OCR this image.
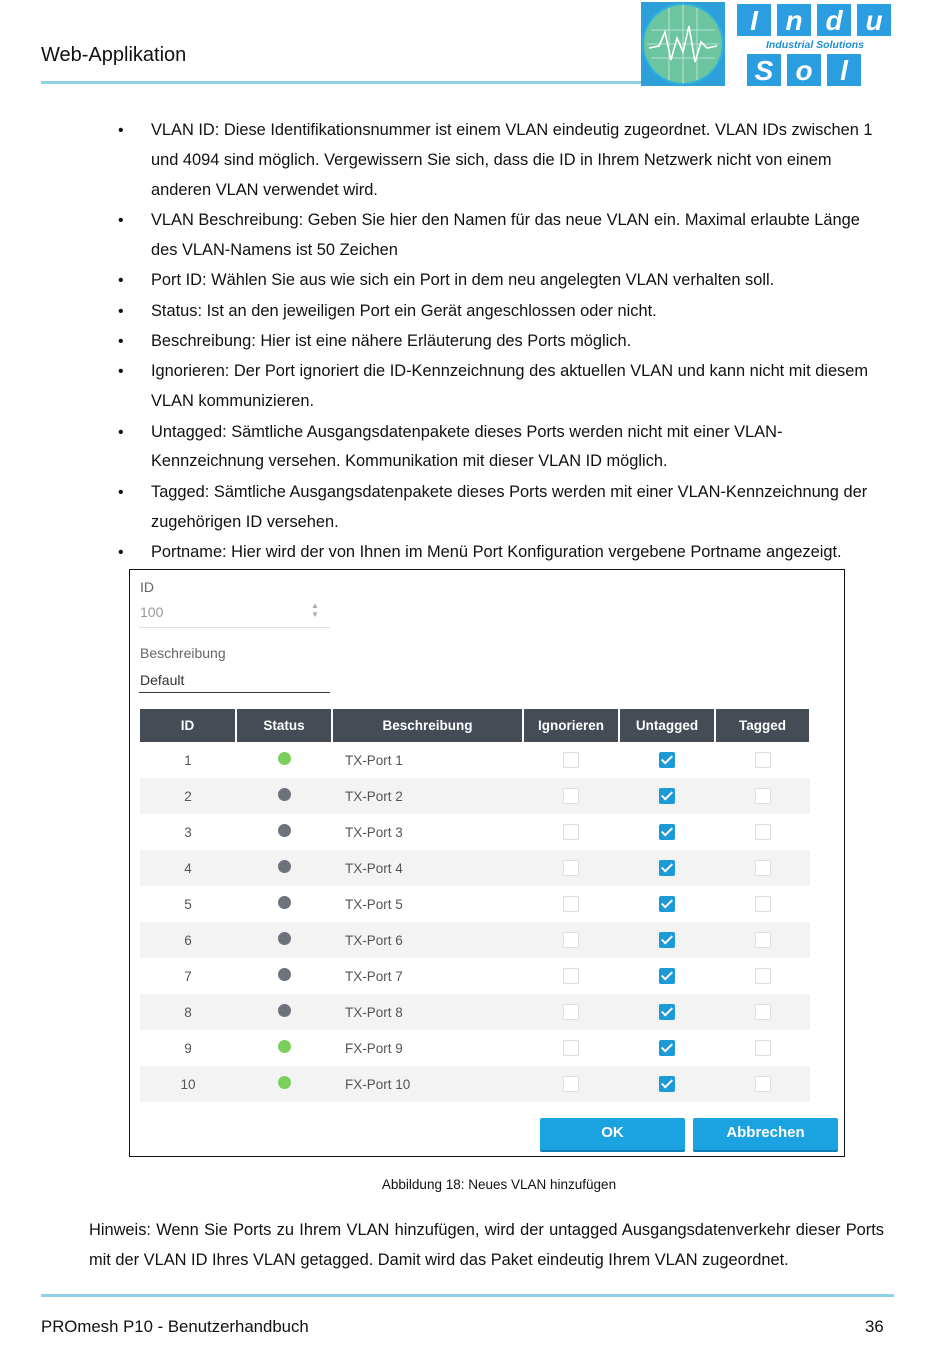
Web-Applikation
I n d u
S o l
Industrial Solutions
• VLAN ID: Diese Identifikationsnummer ist einem VLAN eindeutig zugeordnet. VLAN IDs zwischen 1 und 4094 sind möglich. Vergewissern Sie sich, dass die ID in Ihrem Netzwerk nicht von einem anderen VLAN verwendet wird.
• VLAN Beschreibung: Geben Sie hier den Namen für das neue VLAN ein. Maximal erlaubte Länge des VLAN-Namens ist 50 Zeichen
• Port ID: Wählen Sie aus wie sich ein Port in dem neu angelegten VLAN verhalten soll.
• Status: Ist an den jeweiligen Port ein Gerät angeschlossen oder nicht.
• Beschreibung: Hier ist eine nähere Erläuterung des Ports möglich.
• Ignorieren: Der Port ignoriert die ID-Kennzeichnung des aktuellen VLAN und kann nicht mit diesem VLAN kommunizieren.
• Untagged: Sämtliche Ausgangsdatenpakete dieses Ports werden nicht mit einer VLAN-Kennzeichnung versehen. Kommunikation mit dieser VLAN ID möglich.
• Tagged: Sämtliche Ausgangsdatenpakete dieses Ports werden mit einer VLAN-Kennzeichnung der zugehörigen ID versehen.
• Portname: Hier wird der von Ihnen im Menü Port Konfiguration vergebene Portname angezeigt.
ID
100	▲
▼
Beschreibung
Default
ID	Status	Beschreibung	Ignorieren	Untagged	Tagged
1		TX-Port 1			
2		TX-Port 2			
3		TX-Port 3			
4		TX-Port 4			
5		TX-Port 5			
6		TX-Port 6			
7		TX-Port 7			
8		TX-Port 8			
9		FX-Port 9			
10		FX-Port 10			
OK	Abbrechen
Abbildung 18: Neues VLAN hinzufügen
Hinweis: Wenn Sie Ports zu Ihrem VLAN hinzufügen, wird der untagged Ausgangsdatenverkehr dieser Ports mit der VLAN ID Ihres VLAN getagged. Damit wird das Paket eindeutig Ihrem VLAN zugeordnet.
PROmesh P10 - Benutzerhandbuch	36
